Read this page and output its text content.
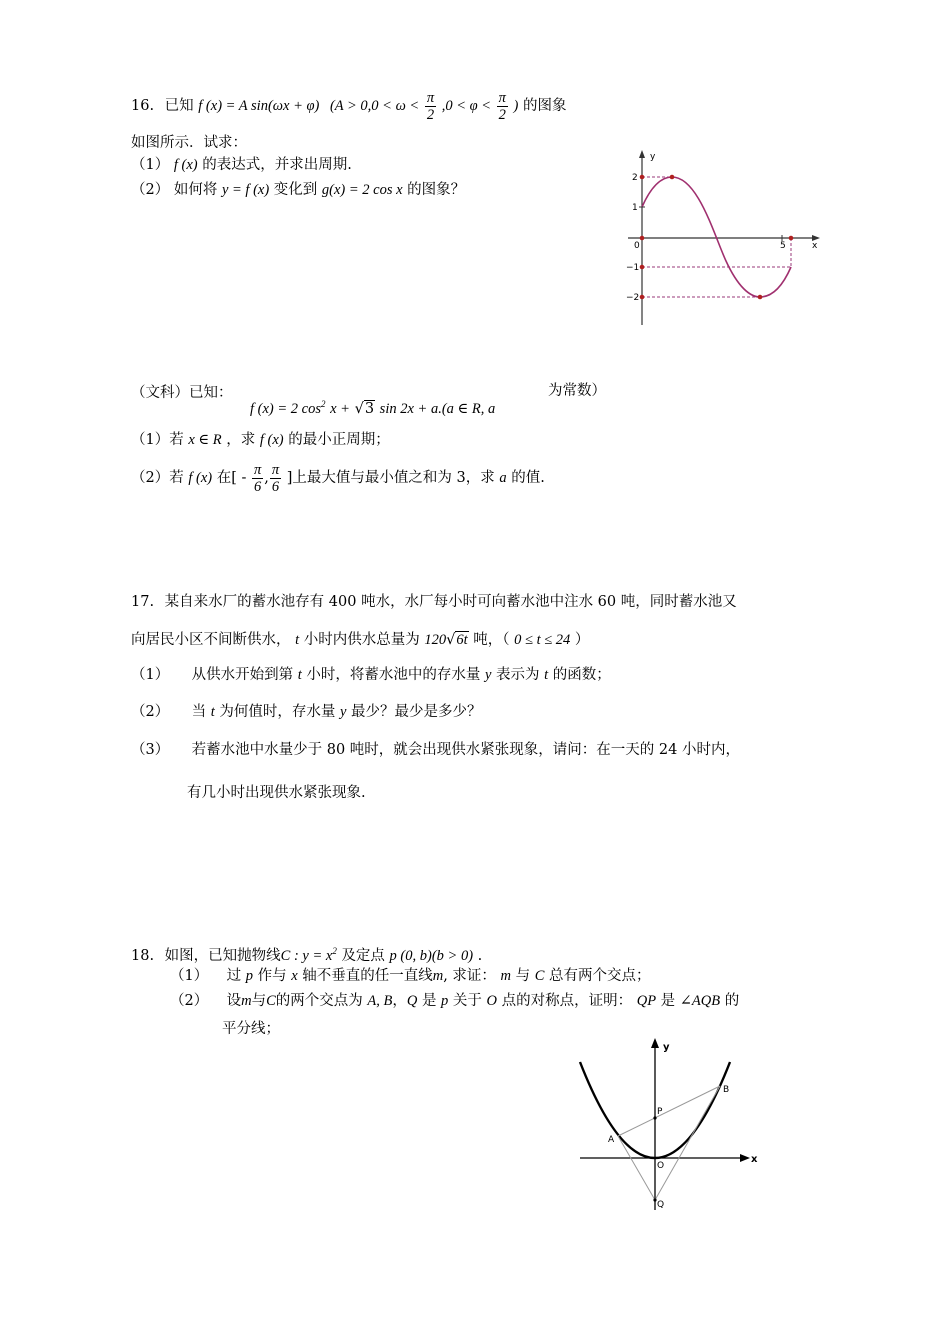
16. 已知 f (x) = A sin(ωx + φ) ($A > 0,0 < \omega < \frac{\pi}{2} ,0 < \varphi < \frac{\pi}{2}$ ) 的图象
如图所示．试求：
（1） f (x) 的表达式，并求出周期.
（2） 如何将 y = f (x) 变化到 g(x) = 2 cos x 的图象？
y
x
0	5
2
1
−1
−2
（文科）已知：
f (x) = 2 $\cos^2 x + √3$ sin 2x + a.(a ∈ R, a
为常数）
（1）若 x ∈ R ，求 f (x) 的最小正周期；
（2）若 f (x) 在[ - $\frac{\pi}{6}$ , $\frac{\pi}{6}$ ]上最大值与最小值之和为 3，求 a 的值.
17. 某自来水厂的蓄水池存有 400 吨水，水厂每小时可向蓄水池中注水 60 吨，同时蓄水池又
向居民小区不间断供水， t 小时内供水总量为 120√6t 吨，（ 0 ≤ t ≤ 24 ）
（1） 从供水开始到第 t 小时，将蓄水池中的存水量 y 表示为 t 的函数；
（2） 当 t 为何值时，存水量 y 最少？最少是多少？
（3） 若蓄水池中水量少于 80 吨时，就会出现供水紧张现象，请问：在一天的 24 小时内，
有几小时出现供水紧张现象.
18. 如图，已知抛物线C : $y = x^2$ 及定点 p (0, b)(b > 0) .
（1） 过 p 作与 x 轴不垂直的任一直线m, 求证： m 与 C 总有两个交点；
（2） 设m与C的两个交点为 A, B，Q 是 p 关于 O 点的对称点，证明： QP 是 ∠AQB 的
平分线；
y
x
O
A
B
P
Q
